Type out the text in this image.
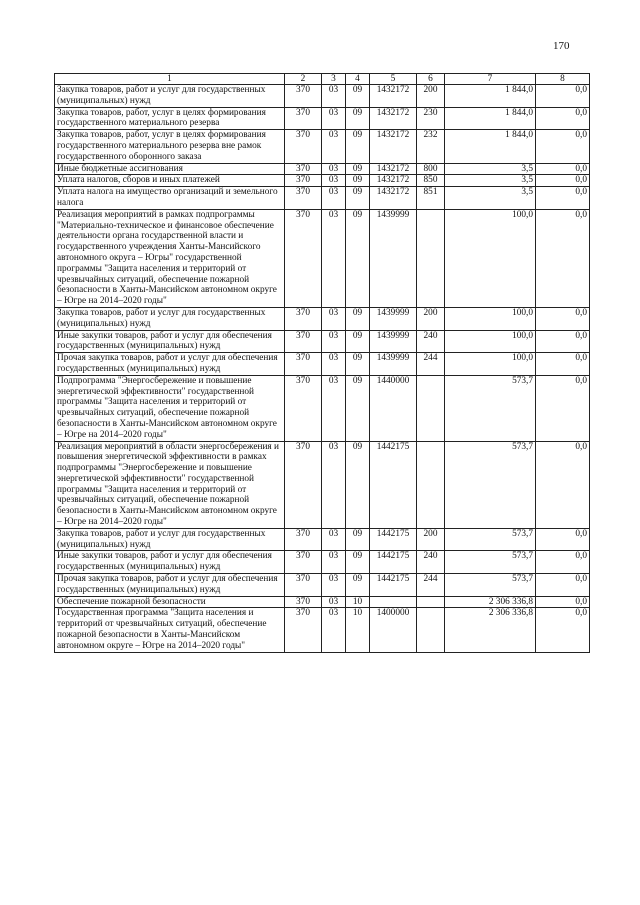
170
1	2	3	4	5	6	7	8
Закупка товаров, работ и услуг для государственных (муниципальных) нужд	370	03	09	1432172	200	1 844,0	0,0
Закупка товаров, работ, услуг в целях формирования государственного материального резерва	370	03	09	1432172	230	1 844,0	0,0
Закупка товаров, работ, услуг в целях формирования государственного материального резерва вне рамок государственного оборонного заказа	370	03	09	1432172	232	1 844,0	0,0
Иные бюджетные ассигнования	370	03	09	1432172	800	3,5	0,0
Уплата налогов, сборов и иных платежей	370	03	09	1432172	850	3,5	0,0
Уплата налога на имущество организаций и земельного налога	370	03	09	1432172	851	3,5	0,0
Реализация мероприятий в рамках подпрограммы "Материально-техническое и финансовое обеспечение деятельности органа государственной власти и государственного учреждения Ханты-Мансийского автономного округа – Югры" государственной программы "Защита населения и территорий от чрезвычайных ситуаций, обеспечение пожарной безопасности в Ханты-Мансийском автономном округе – Югре на 2014–2020 годы"	370	03	09	1439999		100,0	0,0
Закупка товаров, работ и услуг для государственных (муниципальных) нужд	370	03	09	1439999	200	100,0	0,0
Иные закупки товаров, работ и услуг для обеспечения государственных (муниципальных) нужд	370	03	09	1439999	240	100,0	0,0
Прочая закупка товаров, работ и услуг для обеспечения государственных (муниципальных) нужд	370	03	09	1439999	244	100,0	0,0
Подпрограмма "Энергосбережение и повышение энергетической эффективности" государственной программы "Защита населения и территорий от чрезвычайных ситуаций, обеспечение пожарной безопасности в Ханты-Мансийском автономном округе – Югре на 2014–2020 годы"	370	03	09	1440000		573,7	0,0
Реализация мероприятий в области энергосбережения и повышения энергетической эффективности в рамках подпрограммы "Энергосбережение и повышение энергетической эффективности" государственной программы "Защита населения и территорий от чрезвычайных ситуаций, обеспечение пожарной безопасности в Ханты-Мансийском автономном округе – Югре на 2014–2020 годы"	370	03	09	1442175		573,7	0,0
Закупка товаров, работ и услуг для государственных (муниципальных) нужд	370	03	09	1442175	200	573,7	0,0
Иные закупки товаров, работ и услуг для обеспечения государственных (муниципальных) нужд	370	03	09	1442175	240	573,7	0,0
Прочая закупка товаров, работ и услуг для обеспечения государственных (муниципальных) нужд	370	03	09	1442175	244	573,7	0,0
Обеспечение пожарной безопасности	370	03	10			2 306 336,8	0,0
Государственная программа "Защита населения и территорий от чрезвычайных ситуаций, обеспечение пожарной безопасности в Ханты-Мансийском автономном округе – Югре на 2014–2020 годы"	370	03	10	1400000		2 306 336,8	0,0
